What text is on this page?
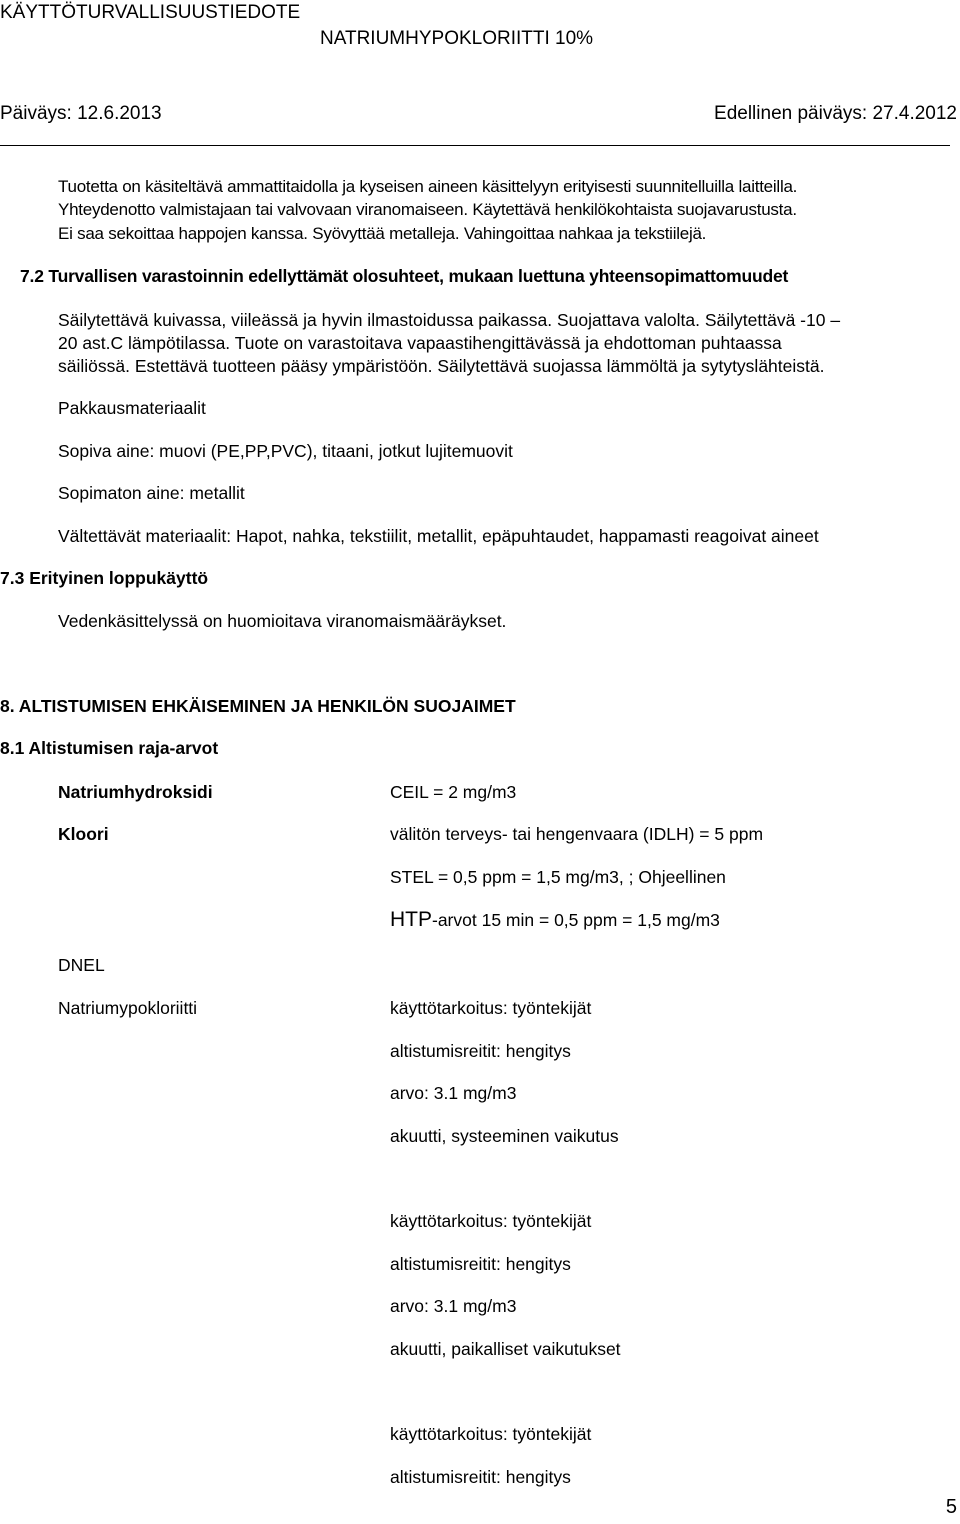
KÄYTTÖTURVALLISUUSTIEDOTE
NATRIUMHYPOKLORIITTI 10%
Päiväys: 12.6.2013	Edellinen päiväys: 27.4.2012
Tuotetta on käsiteltävä ammattitaidolla ja kyseisen aineen käsittelyyn erityisesti suunnitelluilla laitteilla.
Yhteydenotto valmistajaan tai valvovaan viranomaiseen. Käytettävä henkilökohtaista suojavarustusta.
Ei saa sekoittaa happojen kanssa. Syövyttää metalleja. Vahingoittaa nahkaa ja tekstiilejä.
7.2 Turvallisen varastoinnin edellyttämät olosuhteet, mukaan luettuna yhteensopimattomuudet
Säilytettävä kuivassa, viileässä ja hyvin ilmastoidussa paikassa. Suojattava valolta. Säilytettävä -10 –
20 ast.C lämpötilassa. Tuote on varastoitava vapaastihengittävässä ja ehdottoman puhtaassa
säiliössä. Estettävä tuotteen pääsy ympäristöön. Säilytettävä suojassa lämmöltä ja sytytyslähteistä.
Pakkausmateriaalit
Sopiva aine: muovi (PE,PP,PVC), titaani, jotkut lujitemuovit
Sopimaton aine: metallit
Vältettävät materiaalit: Hapot, nahka, tekstiilit, metallit, epäpuhtaudet, happamasti reagoivat aineet
7.3 Erityinen loppukäyttö
Vedenkäsittelyssä on huomioitava viranomaismääräykset.
8. ALTISTUMISEN EHKÄISEMINEN JA HENKILÖN SUOJAIMET
8.1 Altistumisen raja-arvot
Natriumhydroksidi	CEIL = 2 mg/m3
Kloori	välitön terveys- tai hengenvaara (IDLH) = 5 ppm
STEL = 0,5 ppm = 1,5 mg/m3, ; Ohjeellinen
HTP-arvot 15 min = 0,5 ppm = 1,5 mg/m3
DNEL
Natriumypokloriitti	käyttötarkoitus: työntekijät
altistumisreitit: hengitys
arvo: 3.1 mg/m3
akuutti, systeeminen vaikutus
käyttötarkoitus: työntekijät
altistumisreitit: hengitys
arvo: 3.1 mg/m3
akuutti, paikalliset vaikutukset
käyttötarkoitus: työntekijät
altistumisreitit: hengitys
5
